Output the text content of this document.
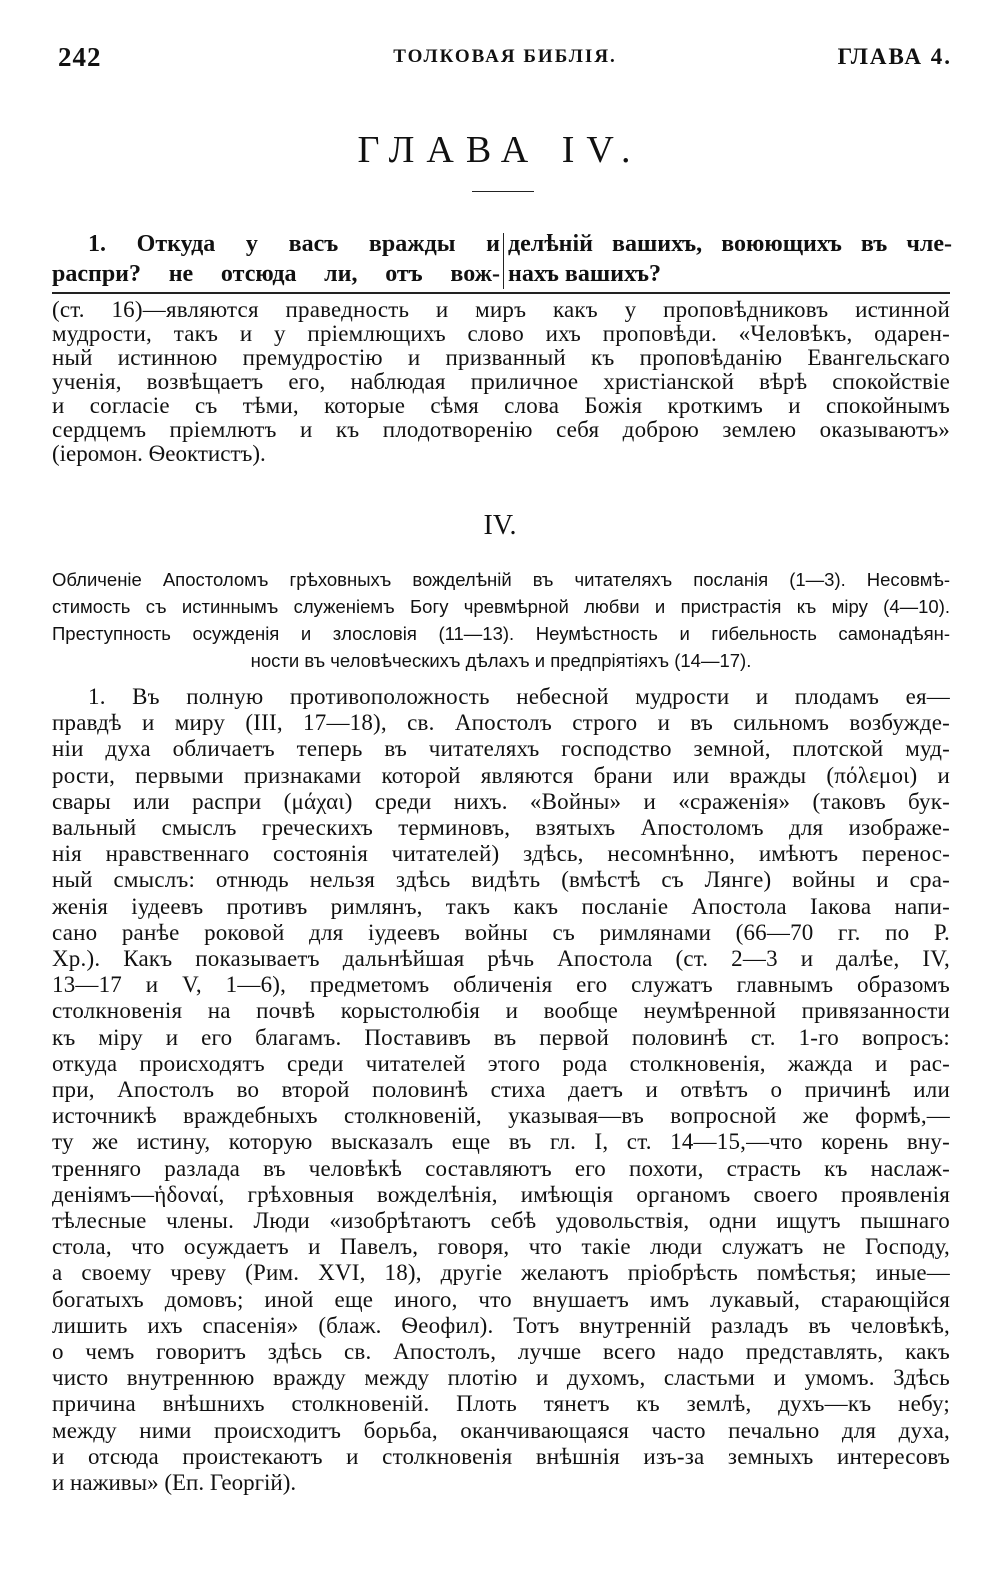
242	ТОЛКОВАЯ БИБЛІЯ.	ГЛАВА 4.
ГЛАВА IV.
1. Откуда у васъ вражды и
распри? не отсюда ли, отъ вож-
делѣній вашихъ, воюющихъ въ чле-
нахъ вашихъ?
(ст. 16)—являются праведность и миръ какъ у проповѣдниковъ истинной
мудрости, такъ и у пріемлющихъ слово ихъ проповѣди. «Человѣкъ, одарен-
ный истинною премудростію и призванный къ проповѣданію Евангельскаго
ученія, возвѣщаетъ его, наблюдая приличное христіанской вѣрѣ спокойствіе
и согласіе съ тѣми, которые сѣмя слова Божія кроткимъ и спокойнымъ
сердцемъ пріемлютъ и къ плодотворенію себя доброю землею оказываютъ»
(іеромон. Ѳеоктистъ).
IV.
Обличеніе Апостоломъ грѣховныхъ вожделѣній въ читателяхъ посланія (1—3). Несовмѣ-
стимость съ истиннымъ служеніемъ Богу чревмѣрной любви и пристрастія къ міру (4—10).
Преступность осужденія и злословія (11—13). Неумѣстность и гибельность самонадѣян-
ности въ человѣческихъ дѣлахъ и предпріятіяхъ (14—17).
1. Въ полную противоположность небесной мудрости и плодамъ ея—
правдѣ и миру (III, 17—18), св. Апостолъ строго и въ сильномъ возбужде-
ніи духа обличаетъ теперь въ читателяхъ господство земной, плотской муд-
рости, первыми признаками которой являются брани или вражды (πόλεμοι) и
свары или распри (μάχαι) среди нихъ. «Войны» и «сраженія» (таковъ бук-
вальный смыслъ греческихъ терминовъ, взятыхъ Апостоломъ для изображе-
нія нравственнаго состоянія читателей) здѣсь, несомнѣнно, имѣютъ перенос-
ный смыслъ: отнюдь нельзя здѣсь видѣть (вмѣстѣ съ Лянге) войны и сра-
женія іудеевъ противъ римлянъ, такъ какъ посланіе Апостола Іакова напи-
сано ранѣе роковой для іудеевъ войны съ римлянами (66—70 гг. по Р.
Хр.). Какъ показываетъ дальнѣйшая рѣчь Апостола (ст. 2—3 и далѣе, IV,
13—17 и V, 1—6), предметомъ обличенія его служатъ главнымъ образомъ
столкновенія на почвѣ корыстолюбія и вообще неумѣренной привязанности
къ міру и его благамъ. Поставивъ въ первой половинѣ ст. 1-го вопросъ:
откуда происходятъ среди читателей этого рода столкновенія, жажда и рас-
при, Апостолъ во второй половинѣ стиха даетъ и отвѣтъ о причинѣ или
источникѣ враждебныхъ столкновеній, указывая—въ вопросной же формѣ,—
ту же истину, которую высказалъ еще въ гл. I, ст. 14—15,—что корень вну-
тренняго разлада въ человѣкѣ составляютъ его похоти, страсть къ наслаж-
деніямъ—ἡδοναί, грѣховныя вожделѣнія, имѣющія органомъ своего проявленія
тѣлесные члены. Люди «изобрѣтаютъ себѣ удовольствія, одни ищутъ пышнаго
стола, что осуждаетъ и Павелъ, говоря, что такіе люди служатъ не Господу,
а своему чреву (Рим. XVI, 18), другіе желаютъ пріобрѣсть помѣстья; иные—
богатыхъ домовъ; иной еще иного, что внушаетъ имъ лукавый, старающійся
лишить ихъ спасенія» (блаж. Ѳеофил). Тотъ внутренній разладъ въ человѣкѣ,
о чемъ говоритъ здѣсь св. Апостолъ, лучше всего надо представлять, какъ
чисто внутреннюю вражду между плотію и духомъ, сластьми и умомъ. Здѣсь
причина внѣшнихъ столкновеній. Плоть тянетъ къ землѣ, духъ—къ небу;
между ними происходитъ борьба, оканчивающаяся часто печально для духа,
и отсюда проистекаютъ и столкновенія внѣшнія изъ-за земныхъ интересовъ
и наживы» (Еп. Георгій).
